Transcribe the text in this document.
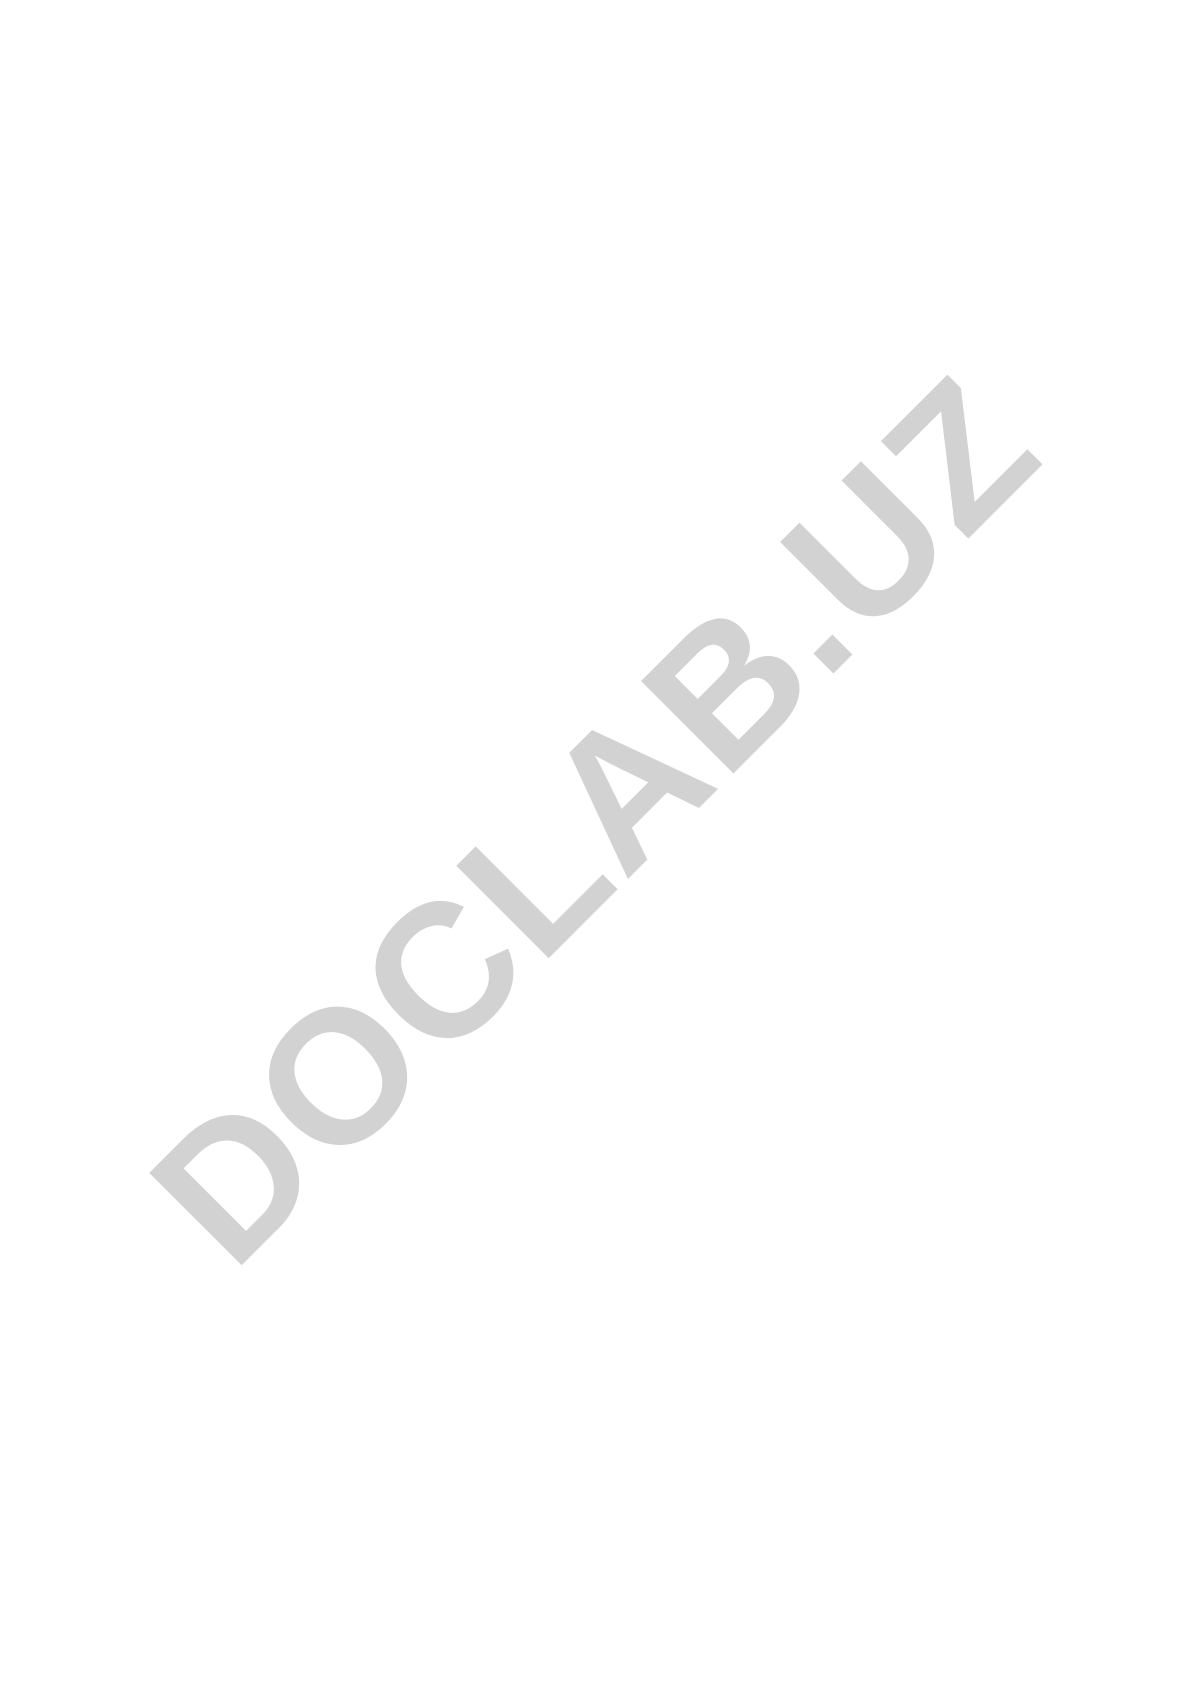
DOCLAB.UZ
